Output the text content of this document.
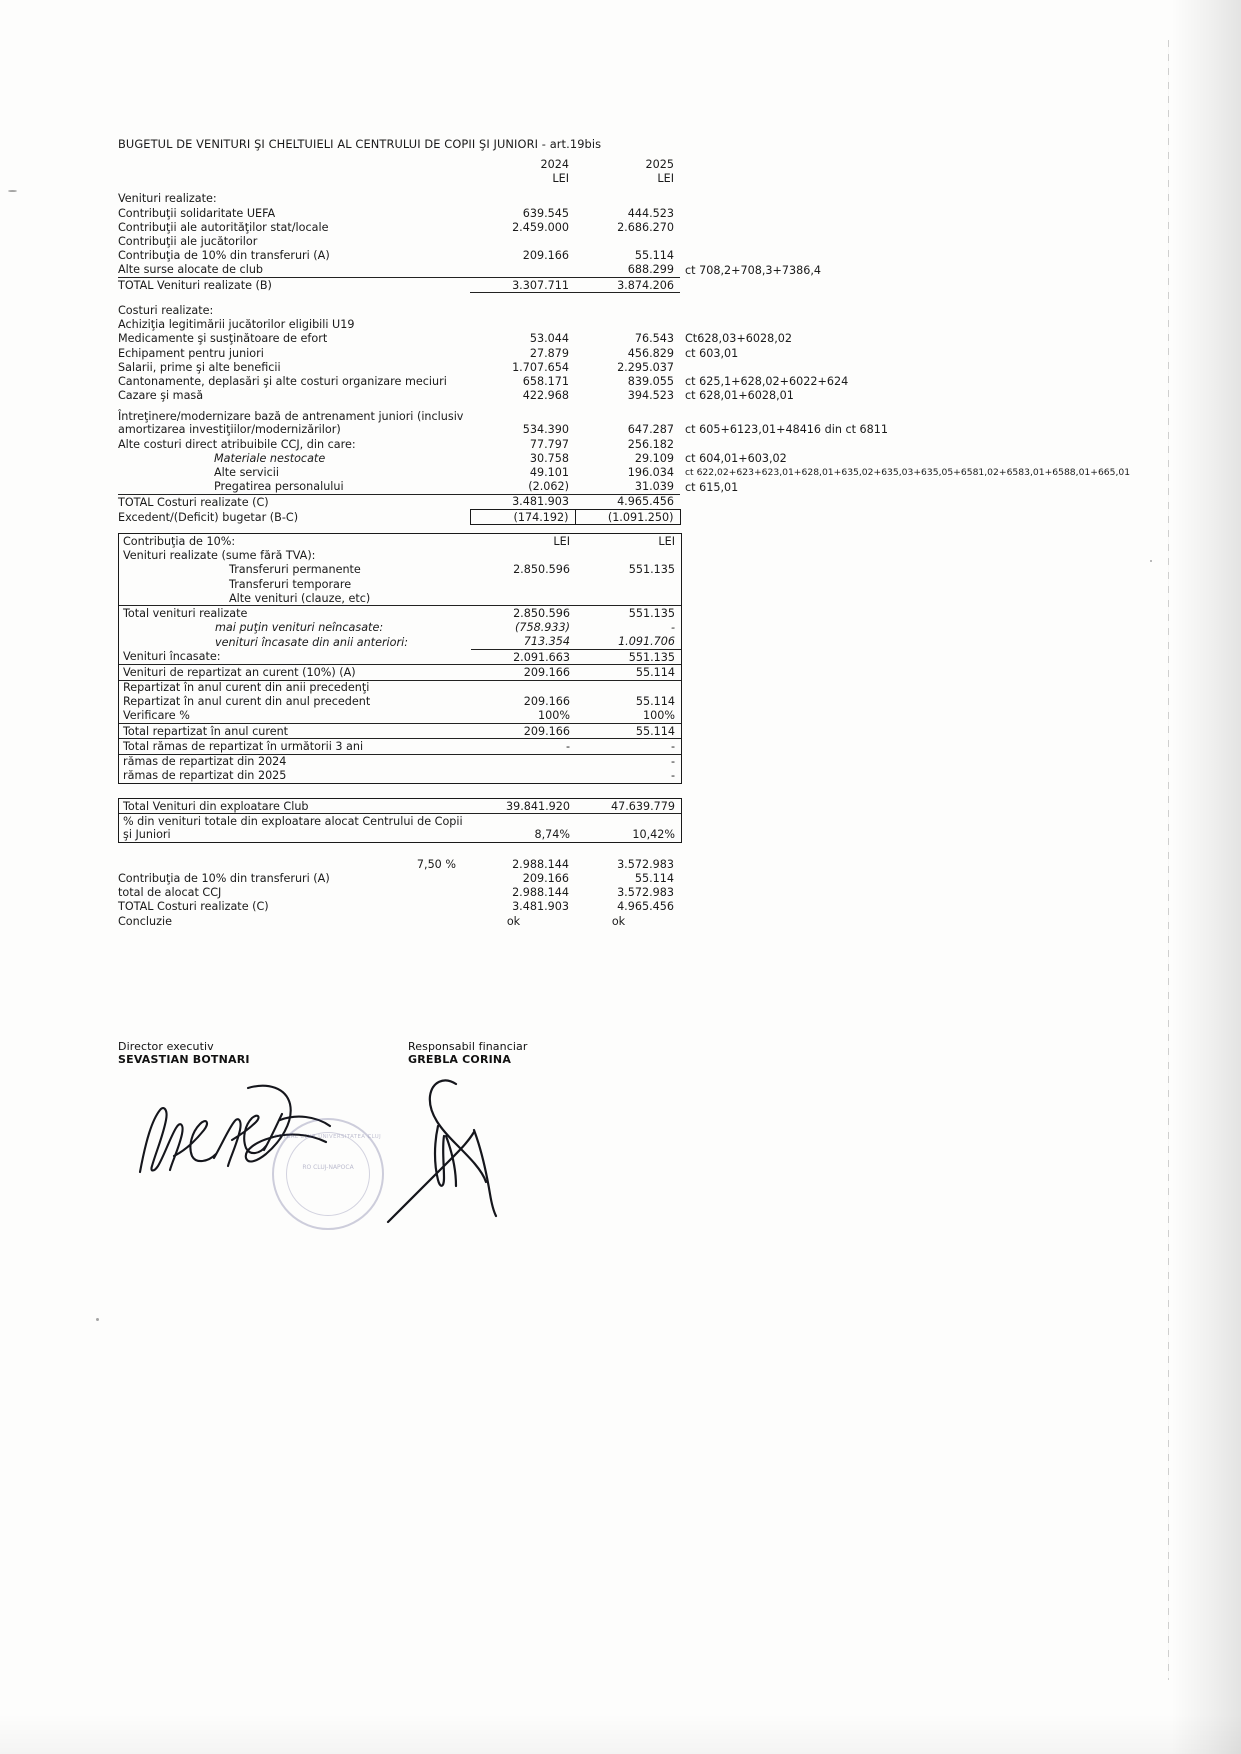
BUGETUL DE VENITURI ŞI CHELTUIELI AL CENTRULUI DE COPII ŞI JUNIORI - art.19bis
		2024	2025	
		LEI	LEI	

Venituri realizate:				
Contribuţii solidaritate UEFA		639.545	444.523	
Contribuţii ale autorităţilor stat/locale		2.459.000	2.686.270	
Contribuţii ale jucătorilor				
Contribuţia de 10% din transferuri (A)		209.166	55.114	
Alte surse alocate de club			688.299	ct 708,2+708,3+7386,4
TOTAL Venituri realizate (B)		3.307.711	3.874.206	

Costuri realizate:				
Achiziţia legitimării jucătorilor eligibili U19				
Medicamente şi susţinătoare de efort		53.044	76.543	Ct628,03+6028,02
Echipament pentru juniori		27.879	456.829	ct 603,01
Salarii, prime şi alte beneficii		1.707.654	2.295.037	
Cantonamente, deplasări şi alte costuri organizare meciuri		658.171	839.055	ct 625,1+628,02+6022+624
Cazare şi masă		422.968	394.523	ct 628,01+6028,01

Întreţinere/modernizare bază de antrenament juniori (inclusiv amortizarea investiţiilor/modernizărilor)		534.390	647.287	ct 605+6123,01+48416 din ct 6811
Alte costuri direct atribuibile CCJ, din care:		77.797	256.182	
Materiale nestocate		30.758	29.109	ct 604,01+603,02
Alte servicii		49.101	196.034	ct 622,02+623+623,01+628,01+635,02+635,03+635,05+6581,02+6583,01+6588,01+665,01
Pregatirea personalului		(2.062)	31.039	ct 615,01
TOTAL Costuri realizate (C)		3.481.903	4.965.456	
Excedent/(Deficit) bugetar (B-C)		(174.192)	(1.091.250)	
Contribuţia de 10%:	LEI	LEI
Venituri realizate (sume fără TVA):		
Transferuri permanente	2.850.596	551.135
Transferuri temporare		
Alte venituri (clauze, etc)		
Total venituri realizate	2.850.596	551.135
mai puţin venituri neîncasate:	(758.933)	-
venituri încasate din anii anteriori:	713.354	1.091.706
Venituri încasate:	2.091.663	551.135
Venituri de repartizat an curent (10%) (A)	209.166	55.114
Repartizat în anul curent din anii precedenţi		
Repartizat în anul curent din anul precedent	209.166	55.114
Verificare %	100%	100%
Total repartizat în anul curent	209.166	55.114
Total rămas de repartizat în următorii 3 ani	-	-
rămas de repartizat din 2024		-
rămas de repartizat din 2025		-
Total Venituri din exploatare Club	39.841.920	47.639.779
% din venituri totale din exploatare alocat Centrului de Copii şi Juniori	8,74%	10,42%
	7,50 %	2.988.144	3.572.983	
Contribuţia de 10% din transferuri (A)		209.166	55.114	
total de alocat CCJ		2.988.144	3.572.983	
TOTAL Costuri realizate (C)		3.481.903	4.965.456	
Concluzie		ok	ok	
Director executiv
SEVASTIAN BOTNARI
Responsabil financiar
GREBLA CORINA
FOTBAL CLUB UNIVERSITATEA CLUJ
RO CLUJ-NAPOCA
